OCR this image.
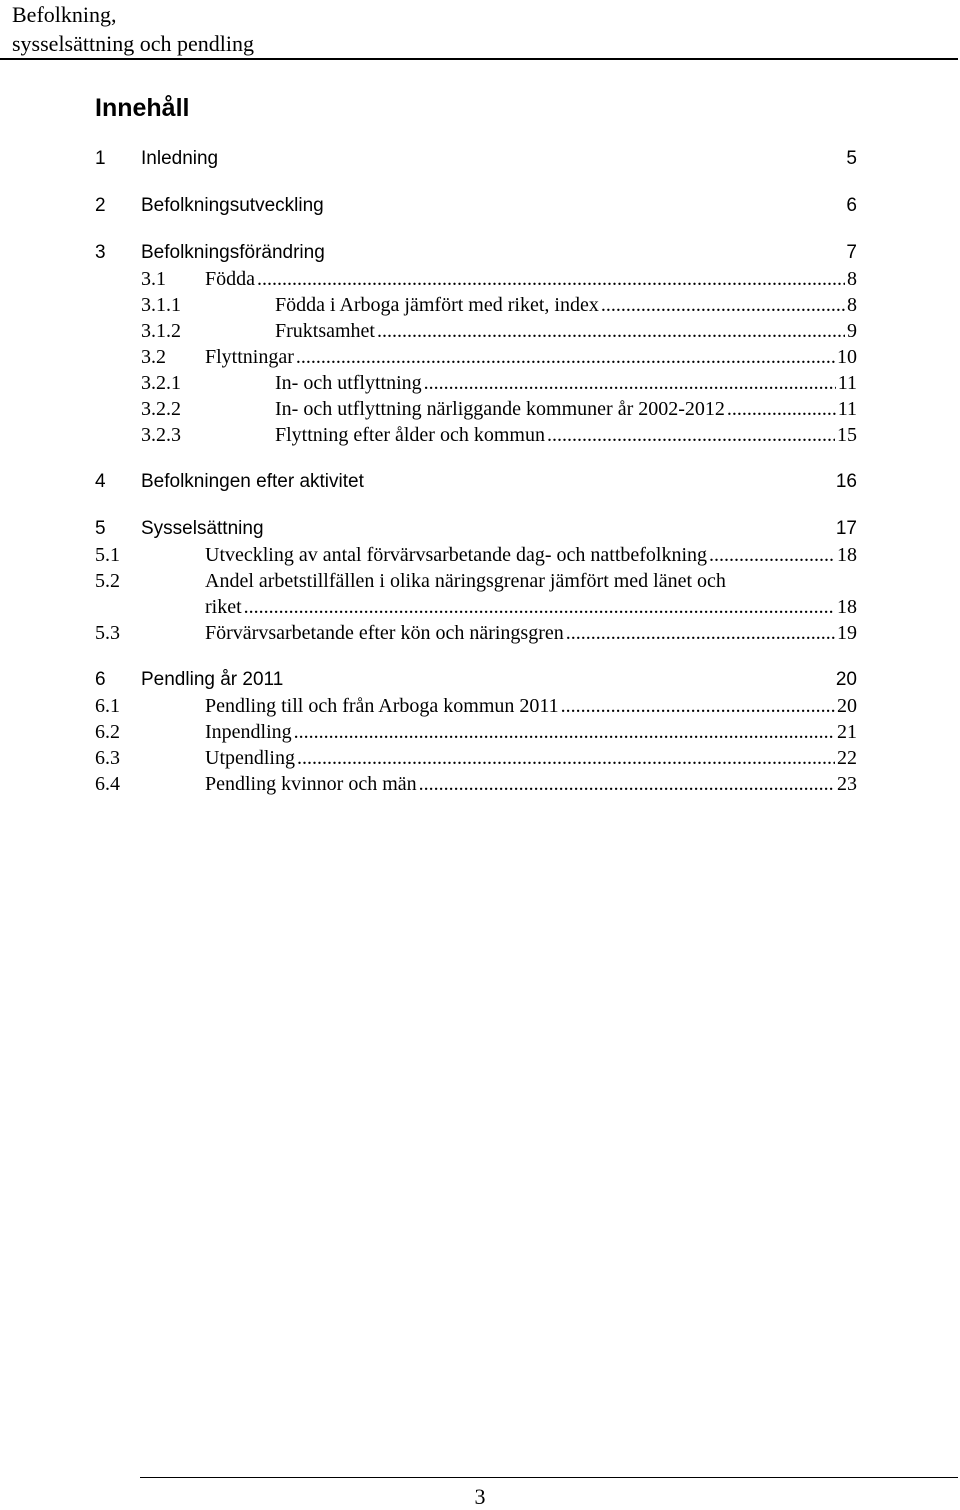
Befolkning,
sysselsättning och pendling
Innehåll
1	Inledning	5
2	Befolkningsutveckling	6
3	Befolkningsförändring	7
3.1	Födda .....	8
3.1.1	Födda i Arboga jämfört med riket, index .....	8
3.1.2	Fruktsamhet .....	9
3.2	Flyttningar .....	10
3.2.1	In- och utflyttning .....	11
3.2.2	In- och utflyttning närliggande kommuner år 2002-2012 .....	11
3.2.3	Flyttning efter ålder och kommun .....	15
4	Befolkningen efter aktivitet	16
5	Sysselsättning	17
5.1	Utveckling av antal förvärvsarbetande dag- och nattbefolkning .....	18
5.2	Andel arbetstillfällen i olika näringsgrenar jämfört med länet och
riket .....	18
5.3	Förvärvsarbetande efter kön och näringsgren .....	19
6	Pendling år 2011	20
6.1	Pendling till och från Arboga kommun 2011 .....	20
6.2	Inpendling .....	21
6.3	Utpendling .....	22
6.4	Pendling kvinnor och män .....	23
3
